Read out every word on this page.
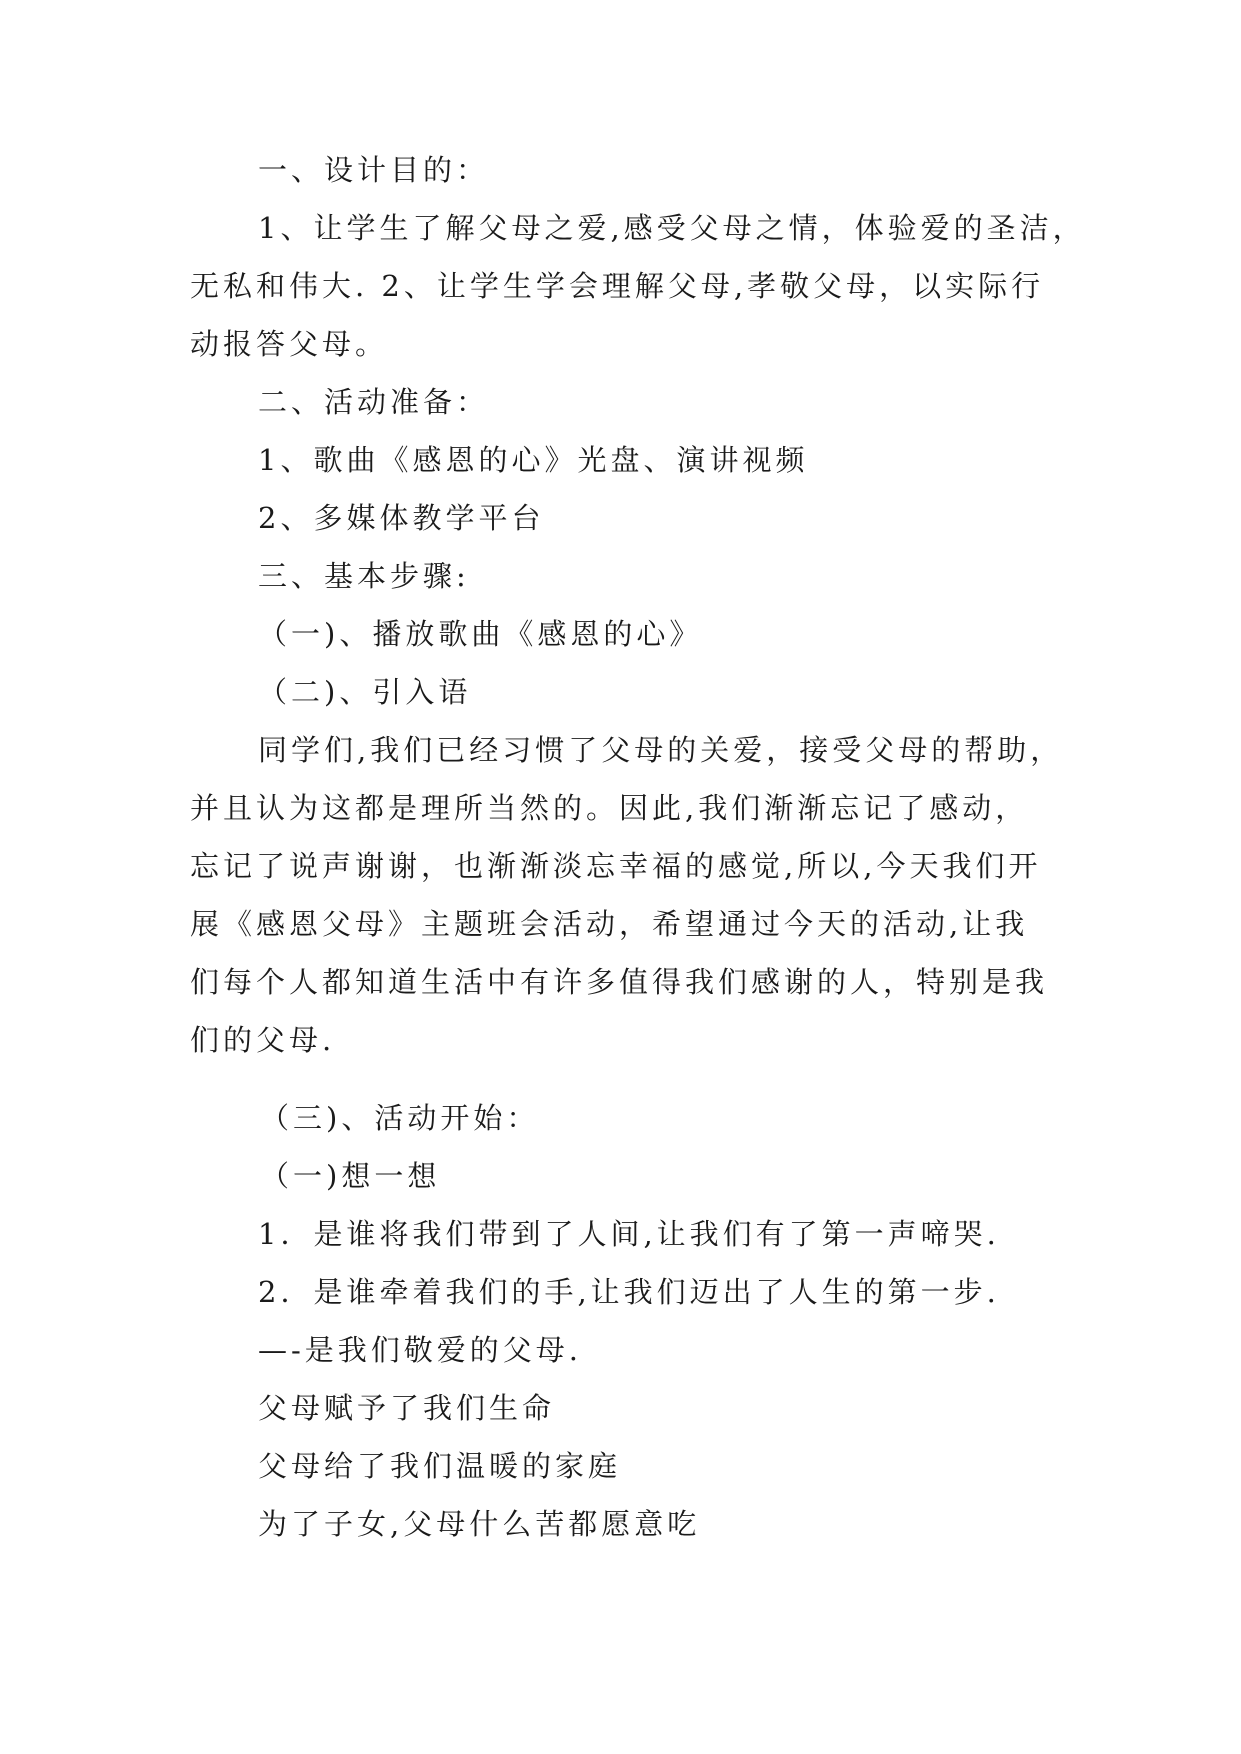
一、设计目的：
1、让学生了解父母之爱,感受父母之情，体验爱的圣洁，
无私和伟大. 2、让学生学会理解父母,孝敬父母，以实际行
动报答父母。
二、活动准备：
1、歌曲《感恩的心》光盘、演讲视频
2、多媒体教学平台
三、基本步骤:
（一)、播放歌曲《感恩的心》
（二)、引入语
同学们,我们已经习惯了父母的关爱，接受父母的帮助，
并且认为这都是理所当然的。因此,我们渐渐忘记了感动，
忘记了说声谢谢，也渐渐淡忘幸福的感觉,所以,今天我们开
展《感恩父母》主题班会活动，希望通过今天的活动,让我
们每个人都知道生活中有许多值得我们感谢的人，特别是我
们的父母.
（三)、活动开始：
（一)想一想
1．是谁将我们带到了人间,让我们有了第一声啼哭.
2．是谁牵着我们的手,让我们迈出了人生的第一步.
—-是我们敬爱的父母.
父母赋予了我们生命
父母给了我们温暖的家庭
为了子女,父母什么苦都愿意吃
